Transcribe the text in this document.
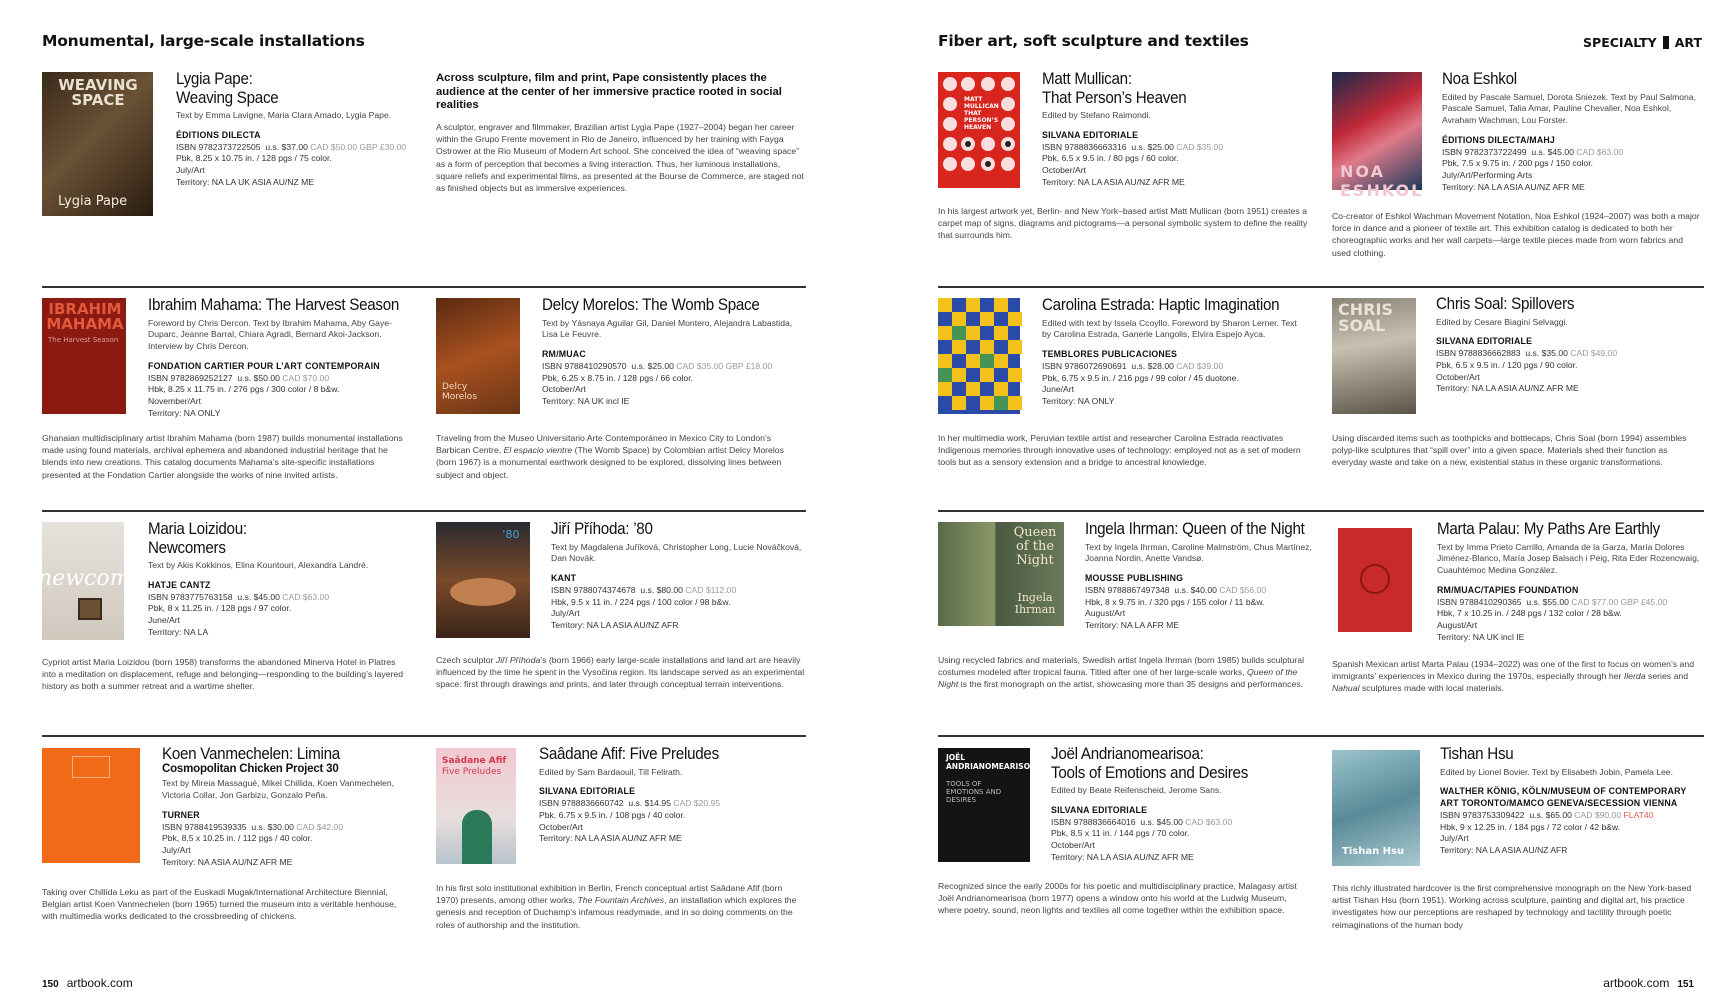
Monumental, large-scale installations
WEAVING SPACE
Lygia Pape
Lygia Pape:
Weaving Space
Text by Emma Lavigne, Maria Clara Amado, Lygia Pape.
ÉDITIONS DILECTA
ISBN 9782373722505 u.s. $37.00 CAD $50.00 GBP £30.00
Pbk, 8.25 x 10.75 in. / 128 pgs / 75 color.
July/Art
Territory: NA LA UK ASIA AU/NZ ME
Across sculpture, film and print, Pape consistently places the audience at the center of her immersive practice rooted in social realities
A sculptor, engraver and filmmaker, Brazilian artist Lygia Pape (1927–2004) began her career within the Grupo Frente movement in Rio de Janeiro, influenced by her training with Fayga Ostrower at the Rio Museum of Modern Art school. She conceived the idea of “weaving space” as a form of perception that becomes a living interaction. Thus, her luminous installations, square reliefs and experimental films, as presented at the Bourse de Commerce, are staged not as finished objects but as immersive experiences.
IBRAHIM MAHAMA
The Harvest Season
Ibrahim Mahama: The Harvest Season
Foreword by Chris Dercon. Text by Ibrahim Mahama, Aby Gaye-Duparc, Jeanne Barral, Chiara Agradi, Bernard Akoi-Jackson. Interview by Chris Dercon.
FONDATION CARTIER POUR L’ART CONTEMPORAIN
ISBN 9782869252127 u.s. $50.00 CAD $70.00
Hbk, 8.25 x 11.75 in. / 276 pgs / 300 color / 8 b&w.
November/Art
Territory: NA ONLY
Ghanaian multidisciplinary artist Ibrahim Mahama (born 1987) builds monumental installations made using found materials, archival ephemera and abandoned industrial heritage that he blends into new creations. This catalog documents Mahama’s site-specific installations presented at the Fondation Cartier alongside the works of nine invited artists.
Delcy Morelos
Delcy Morelos: The Womb Space
Text by Yásnaya Aguilar Gil, Daniel Montero, Alejandra Labastida, Lisa Le Feuvre.
RM/MUAC
ISBN 9788410290570 u.s. $25.00 CAD $35.00 GBP £18.00
Pbk, 6.25 x 8.75 in. / 128 pgs / 66 color.
October/Art
Territory: NA UK incl IE
Traveling from the Museo Universitario Arte Contemporáneo in Mexico City to London’s Barbican Centre, El espacio vientre (The Womb Space) by Colombian artist Delcy Morelos (born 1967) is a monumental earthwork designed to be explored, dissolving lines between subject and object.
newcomers
Maria Loizidou:
Newcomers
Text by Akis Kokkinos, Elina Kountouri, Alexandra Landré.
HATJE CANTZ
ISBN 9783775763158 u.s. $45.00 CAD $63.00
Pbk, 8 x 11.25 in. / 128 pgs / 97 color.
June/Art
Territory: NA LA
Cypriot artist Maria Loizidou (born 1958) transforms the abandoned Minerva Hotel in Platres into a meditation on displacement, refuge and belonging—responding to the building’s layered history as both a summer retreat and a wartime shelter.
’80 Jiří Příhoda: ’80
Text by Magdalena Juříková, Christopher Long, Lucie Nováčková, Dan Novák.
KANT
ISBN 9788074374678 u.s. $80.00 CAD $112.00
Hbk, 9.5 x 11 in. / 224 pgs / 100 color / 98 b&w.
July/Art
Territory: NA LA ASIA AU/NZ AFR
Czech sculptor Jiří Příhoda’s (born 1966) early large-scale installations and land art are heavily influenced by the time he spent in the Vysočina region. Its landscape served as an experimental space: first through drawings and prints, and later through conceptual terrain interventions.
Koen Vanmechelen: Limina
Cosmopolitan Chicken Project 30
Text by Mireia Massagué, Mikel Chillida, Koen Vanmechelen, Victoria Collar, Jon Garbizu, Gonzalo Peña.
TURNER
ISBN 9788419539335 u.s. $30.00 CAD $42.00
Pbk, 8.5 x 10.25 in. / 112 pgs / 40 color.
July/Art
Territory: NA ASIA AU/NZ AFR ME
Taking over Chillida Leku as part of the Euskadi Mugak/International Architecture Biennial, Belgian artist Koen Vanmechelen (born 1965) turned the museum into a veritable henhouse, with multimedia works dedicated to the crossbreeding of chickens.
Saâdane Afif
Five Preludes
Saâdane Afif: Five Preludes
Edited by Sam Bardaouil, Till Fellrath.
SILVANA EDITORIALE
ISBN 9788836660742 u.s. $14.95 CAD $20.95
Pbk, 6.75 x 9.5 in. / 108 pgs / 40 color.
October/Art
Territory: NA LA ASIA AU/NZ AFR ME
In his first solo institutional exhibition in Berlin, French conceptual artist Saâdane Afif (born 1970) presents, among other works, The Fountain Archives, an installation which explores the genesis and reception of Duchamp’s infamous readymade, and in so doing comments on the roles of authorship and the institution.
150 artbook.com
Fiber art, soft sculpture and textiles	SPECIALTY ART
MATT MULLICAN THAT PERSON’S HEAVEN
Matt Mullican:
That Person’s Heaven
Edited by Stefano Raimondi.
SILVANA EDITORIALE
ISBN 9788836663316 u.s. $25.00 CAD $35.00
Pbk, 6.5 x 9.5 in. / 80 pgs / 60 color.
October/Art
Territory: NA LA ASIA AU/NZ AFR ME
In his largest artwork yet, Berlin- and New York–based artist Matt Mullican (born 1951) creates a carpet map of signs, diagrams and pictograms—a personal symbolic system to define the reality that surrounds him.
NOA ESHKOL
Noa Eshkol
Edited by Pascale Samuel, Dorota Sniezek. Text by Paul Salmona, Pascale Samuel, Talia Amar, Pauline Chevalier, Noa Eshkol, Avraham Wachman, Lou Forster.
ÉDITIONS DILECTA/MAHJ
ISBN 9782373722499 u.s. $45.00 CAD $63.00
Pbk, 7.5 x 9.75 in. / 200 pgs / 150 color.
July/Art/Performing Arts
Territory: NA LA ASIA AU/NZ AFR ME
Co-creator of Eshkol Wachman Movement Notation, Noa Eshkol (1924–2007) was both a major force in dance and a pioneer of textile art. This exhibition catalog is dedicated to both her choreographic works and her wall carpets—large textile pieces made from worn fabrics and used clothing.
Carolina Estrada: Haptic Imagination
Edited with text by Issela Ccoyllo. Foreword by Sharon Lerner. Text by Carolina Estrada, Ganerle Langolis, Elvira Espejo Ayca.
TEMBLORES PUBLICACIONES
ISBN 9786072690691 u.s. $28.00 CAD $39.00
Pbk, 6.75 x 9.5 in. / 216 pgs / 99 color / 45 duotone.
June/Art
Territory: NA ONLY
In her multimedia work, Peruvian textile artist and researcher Carolina Estrada reactivates Indigenous memories through innovative uses of technology: employed not as a set of modern tools but as a sensory extension and a bridge to ancestral knowledge.
CHRIS SOAL
Chris Soal: Spillovers
Edited by Cesare Biagini Selvaggi.
SILVANA EDITORIALE
ISBN 9788836662883 u.s. $35.00 CAD $49.00
Pbk, 6.5 x 9.5 in. / 120 pgs / 90 color.
October/Art
Territory: NA LA ASIA AU/NZ AFR ME
Using discarded items such as toothpicks and bottlecaps, Chris Soal (born 1994) assembles polyp-like sculptures that “spill over” into a given space. Materials shed their function as everyday waste and take on a new, existential status in these organic transformations.
Queen
of the
Night
Ingela Ihrman
Ingela Ihrman: Queen of the Night
Text by Ingela Ihrman, Caroline Malmström, Chus Martínez, Joanna Nordin, Anette Vandsø.
MOUSSE PUBLISHING
ISBN 9788867497348 u.s. $40.00 CAD $56.00
Hbk, 8 x 9.75 in. / 320 pgs / 155 color / 11 b&w.
August/Art
Territory: NA LA AFR ME
Using recycled fabrics and materials, Swedish artist Ingela Ihrman (born 1985) builds sculptural costumes modeled after tropical fauna. Titled after one of her large-scale works, Queen of the Night is the first monograph on the artist, showcasing more than 35 designs and performances.
Marta Palau: My Paths Are Earthly
Text by Imma Prieto Carrillo, Amanda de la Garza, María Dolores Jiménez-Blanco, María Josep Balsach i Peig, Rita Eder Rozencwaig, Cuauhtémoc Medina González.
RM/MUAC/TAPIES FOUNDATION
ISBN 9788410290365 u.s. $55.00 CAD $77.00 GBP £45.00
Hbk, 7 x 10.25 in. / 248 pgs / 132 color / 28 b&w.
August/Art
Territory: NA UK incl IE
Spanish Mexican artist Marta Palau (1934–2022) was one of the first to focus on women’s and immigrants’ experiences in Mexico during the 1970s, especially through her Ilerda series and Nahual sculptures made with local materials.
JOËL ANDRIANOMEARISOA
TOOLS OF EMOTIONS AND DESIRES
Joël Andrianomearisoa:
Tools of Emotions and Desires
Edited by Beate Reifenscheid, Jerome Sans.
SILVANA EDITORIALE
ISBN 9788836664016 u.s. $45.00 CAD $63.00
Pbk, 8.5 x 11 in. / 144 pgs / 70 color.
October/Art
Territory: NA LA ASIA AU/NZ AFR ME
Recognized since the early 2000s for his poetic and multidisciplinary practice, Malagasy artist Joël Andrianomearisoa (born 1977) opens a window onto his world at the Ludwig Museum, where poetry, sound, neon lights and textiles all come together within the exhibition space.
Tishan Hsu
Tishan Hsu
Edited by Lionel Bovier. Text by Elisabeth Jobin, Pamela Lee.
WALTHER KÖNIG, KÖLN/MUSEUM OF CONTEMPORARY ART TORONTO/MAMCO GENEVA/SECESSION VIENNA
ISBN 9783753309422 u.s. $65.00 CAD $90.00 FLAT40
Hbk, 9 x 12.25 in. / 184 pgs / 72 color / 42 b&w.
July/Art
Territory: NA LA ASIA AU/NZ AFR
This richly illustrated hardcover is the first comprehensive monograph on the New York-based artist Tishan Hsu (born 1951). Working across sculpture, painting and digital art, his practice investigates how our perceptions are reshaped by technology and tactility through poetic reimaginations of the human body
artbook.com 151
